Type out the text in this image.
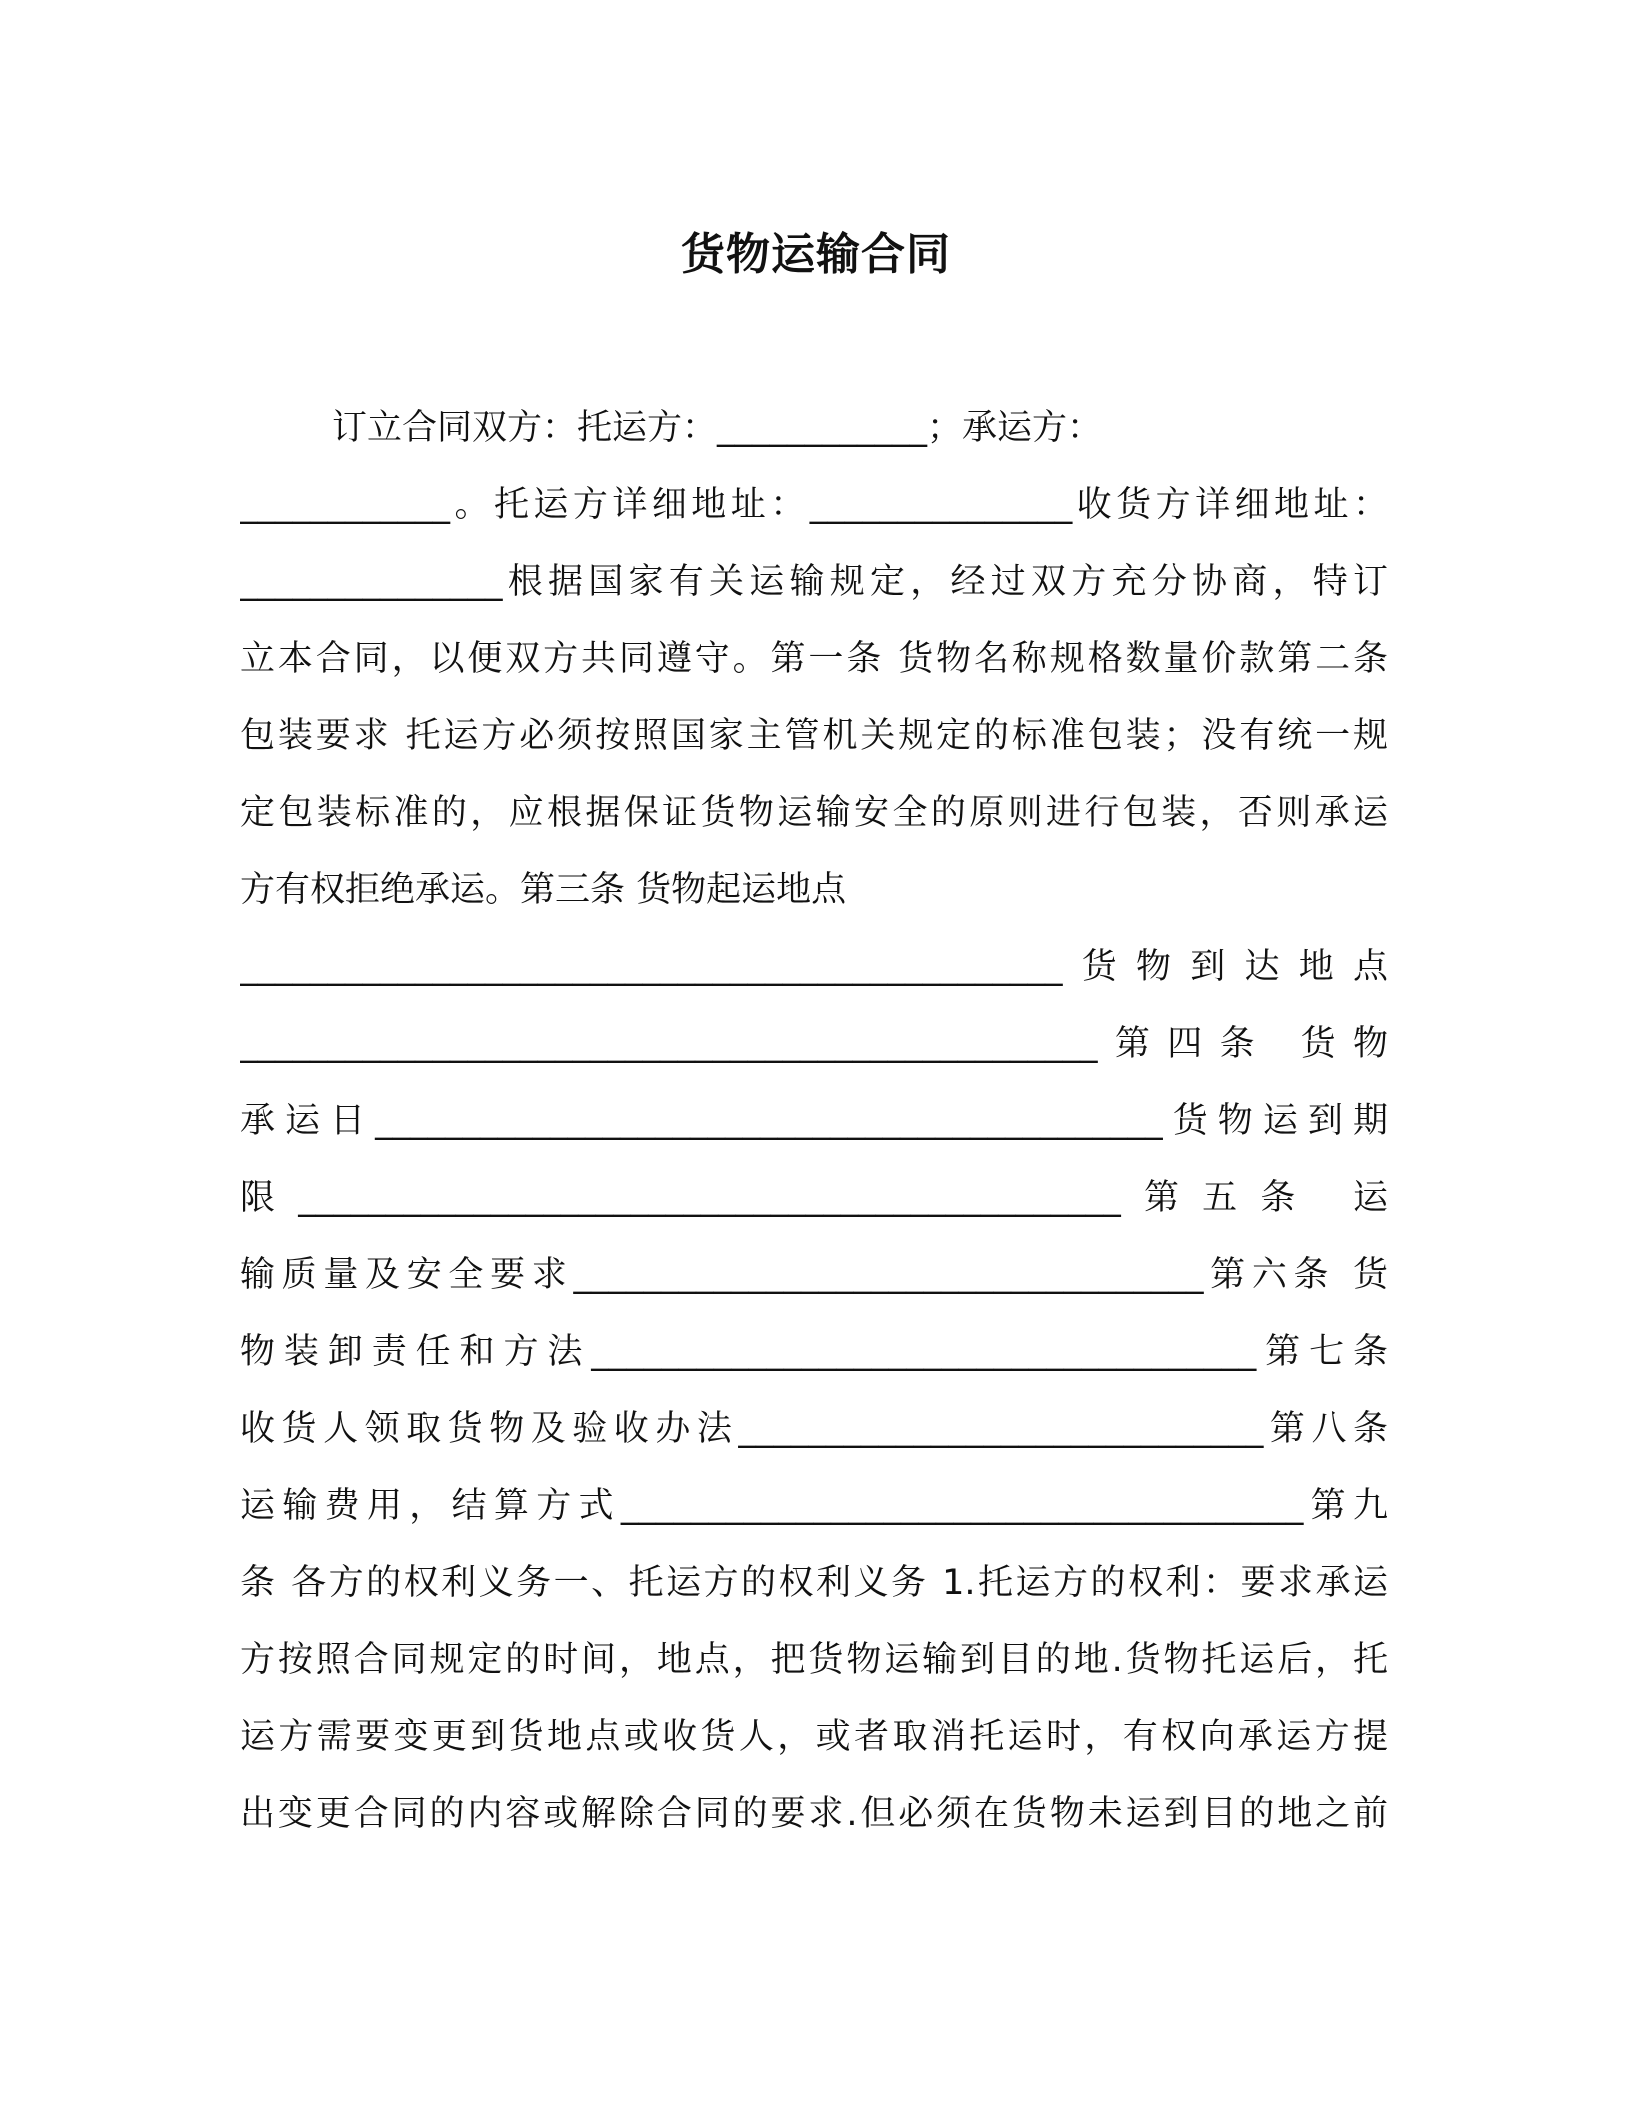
货物运输合同
订立合同双方：托运方：____________；承运方：
____________。托运方详细地址：_______________收货方详细地址：
_______________根据国家有关运输规定，经过双方充分协商，特订
立本合同，以便双方共同遵守。第一条 货物名称规格数量价款第二条
包装要求 托运方必须按照国家主管机关规定的标准包装；没有统一规
定包装标准的，应根据保证货物运输安全的原则进行包装，否则承运
方有权拒绝承运。第三条 货物起运地点
_______________________________________________货物到达地点
_________________________________________________第四条 货物
承运日_____________________________________________货物运到期
限_______________________________________________第五条 运
输质量及安全要求____________________________________第六条 货
物装卸责任和方法______________________________________第七条
收货人领取货物及验收办法______________________________第八条
运输费用，结算方式_______________________________________第九
条 各方的权利义务一、托运方的权利义务 1.托运方的权利：要求承运
方按照合同规定的时间，地点，把货物运输到目的地.货物托运后，托
运方需要变更到货地点或收货人，或者取消托运时，有权向承运方提
出变更合同的内容或解除合同的要求.但必须在货物未运到目的地之前
